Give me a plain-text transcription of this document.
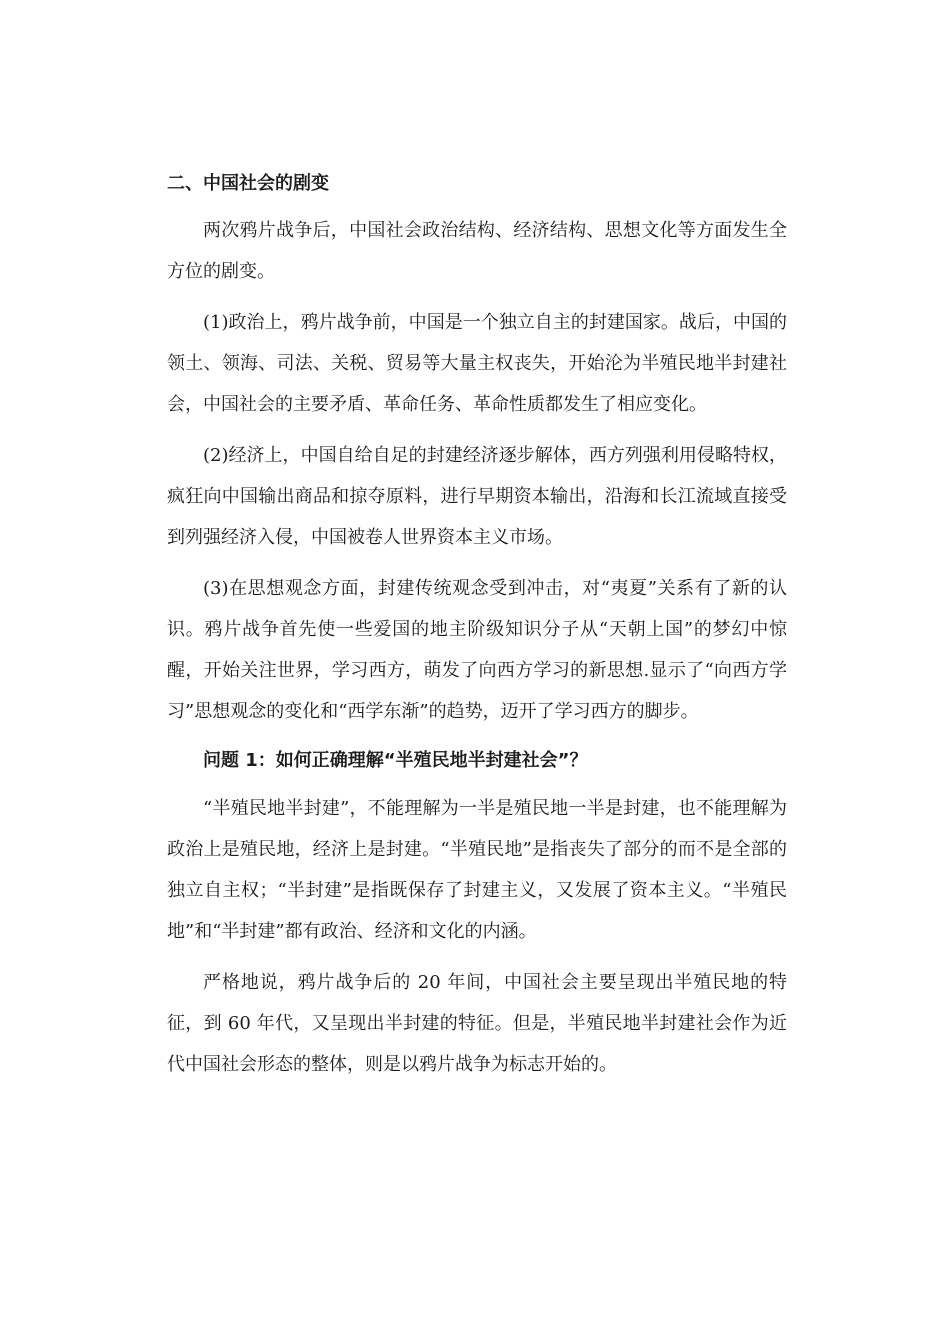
二、中国社会的剧变

两次鸦片战争后，中国社会政治结构、经济结构、思想文化等方面发生全方位的剧变。

(1)政治上，鸦片战争前，中国是一个独立自主的封建国家。战后，中国的领土、领海、司法、关税、贸易等大量主权丧失，开始沦为半殖民地半封建社会，中国社会的主要矛盾、革命任务、革命性质都发生了相应变化。

(2)经济上，中国自给自足的封建经济逐步解体，西方列强利用侵略特权，疯狂向中国输出商品和掠夺原料，进行早期资本输出，沿海和长江流域直接受到列强经济入侵，中国被卷人世界资本主义市场。

(3)在思想观念方面，封建传统观念受到冲击，对“夷夏”关系有了新的认识。鸦片战争首先使一些爱国的地主阶级知识分子从“天朝上国”的梦幻中惊醒，开始关注世界，学习西方，萌发了向西方学习的新思想.显示了“向西方学习”思想观念的变化和“西学东渐”的趋势，迈开了学习西方的脚步。

问题 1：如何正确理解“半殖民地半封建社会”？

“半殖民地半封建”，不能理解为一半是殖民地一半是封建，也不能理解为政治上是殖民地，经济上是封建。“半殖民地”是指丧失了部分的而不是全部的独立自主权；“半封建”是指既保存了封建主义，又发展了资本主义。“半殖民地”和“半封建”都有政治、经济和文化的内涵。

严格地说，鸦片战争后的 20 年间，中国社会主要呈现出半殖民地的特征，到 60 年代，又呈现出半封建的特征。但是，半殖民地半封建社会作为近代中国社会形态的整体，则是以鸦片战争为标志开始的。
